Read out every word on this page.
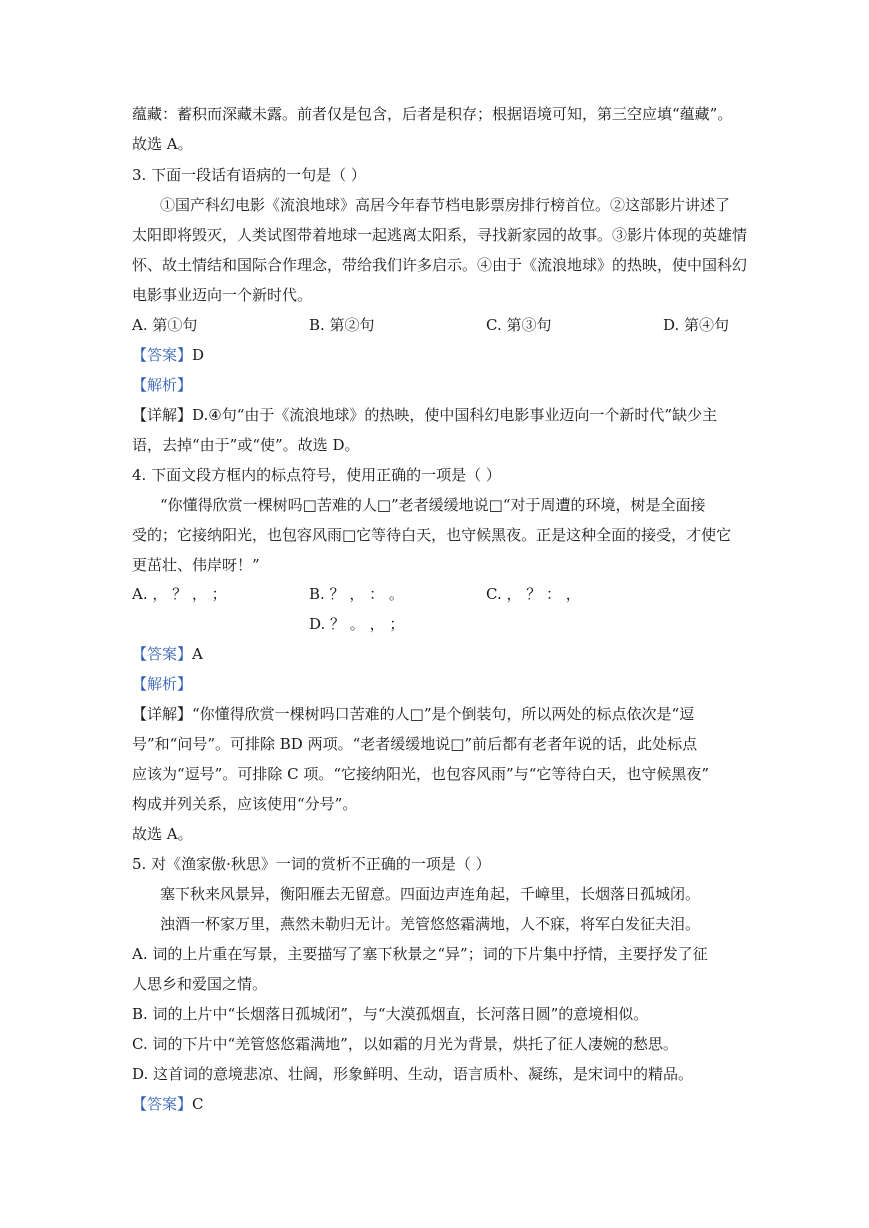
蕴藏：蓄积而深藏未露。前者仅是包含，后者是积存；根据语境可知，第三空应填“蕴藏”。
故选 A。
3. 下面一段话有语病的一句是（ ）
①国产科幻电影《流浪地球》高居今年春节档电影票房排行榜首位。②这部影片讲述了
太阳即将毁灭，人类试图带着地球一起逃离太阳系，寻找新家园的故事。③影片体现的英雄情
怀、故土情结和国际合作理念，带给我们许多启示。④由于《流浪地球》的热映，使中国科幻
电影事业迈向一个新时代。
A. 第①句	B. 第②句	C. 第③句	D. 第④句
【答案】D
【解析】
【详解】D.④句“由于《流浪地球》的热映，使中国科幻电影事业迈向一个新时代”缺少主
语，去掉“由于”或“使”。故选 D。
4. 下面文段方框内的标点符号，使用正确的一项是（ ）
“你懂得欣赏一棵树吗□苦难的人□”老者缓缓地说□“对于周遭的环境，树是全面接
受的；它接纳阳光，也包容风雨□它等待白天，也守候黑夜。正是这种全面的接受，才使它
更茁壮、伟岸呀！”
A. ， ？ ， ；	B. ？ ， ： 。	C. ， ？ ： ，
D. ？ 。 ， ；
【答案】A
【解析】
【详解】“你懂得欣赏一棵树吗口苦难的人□”是个倒装句，所以两处的标点依次是“逗
号”和“问号”。可排除 BD 两项。“老者缓缓地说□”前后都有老者年说的话，此处标点
应该为“逗号”。可排除 C 项。“它接纳阳光，也包容风雨”与“它等待白天，也守候黑夜”
构成并列关系，应该使用“分号”。
故选 A。
5. 对《渔家傲·秋思》一词的赏析不正确的一项是（ ）
塞下秋来风景异，衡阳雁去无留意。四面边声连角起，千嶂里，长烟落日孤城闭。
浊酒一杯家万里，燕然未勒归无计。羌管悠悠霜满地，人不寐，将军白发征夫泪。
A. 词的上片重在写景，主要描写了塞下秋景之“异”；词的下片集中抒情，主要抒发了征
人思乡和爱国之情。
B. 词的上片中“长烟落日孤城闭”，与“大漠孤烟直，长河落日圆”的意境相似。
C. 词的下片中“羌管悠悠霜满地”，以如霜的月光为背景，烘托了征人凄婉的愁思。
D. 这首词的意境悲凉、壮阔，形象鲜明、生动，语言质朴、凝练，是宋词中的精品。
【答案】C
